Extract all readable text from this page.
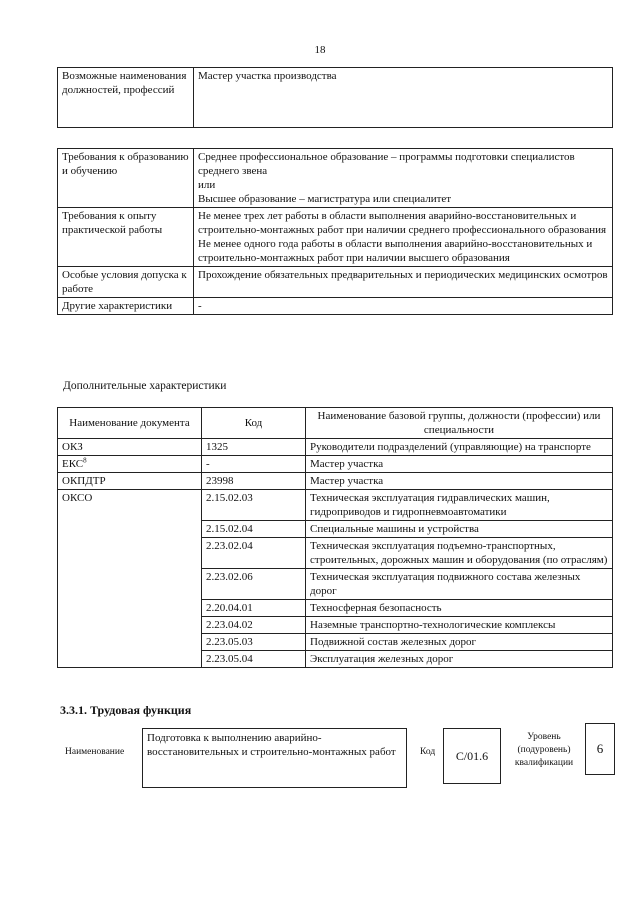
18
Возможные наименования должностей, профессий	Мастер участка производства
Требования к образованию и обучению	Среднее профессиональное образование – программы подготовки специалистов среднего звена
или
Высшее образование – магистратура или специалитет

Требования к опыту практической работы	Не менее трех лет работы в области выполнения аварийно-восстановительных и строительно-монтажных работ при наличии среднего профессионального образования
Не менее одного года работы в области выполнения аварийно-восстановительных и строительно-монтажных работ при наличии высшего образования

Особые условия допуска к работе	Прохождение обязательных предварительных и периодических медицинских осмотров

Другие характеристики	-
Дополнительные характеристики
Наименование документа	Код	Наименование базовой группы, должности (профессии) или специальности
ОКЗ	1325	Руководители подразделений (управляющие) на транспорте
ЕКС$^8$	-	Мастер участка
ОКПДТР	23998	Мастер участка
ОКСО	2.15.02.03	Техническая эксплуатация гидравлических машин, гидроприводов и гидропневмоавтоматики
	2.15.02.04	Специальные машины и устройства
	2.23.02.04	Техническая эксплуатация подъемно-транспортных, строительных, дорожных машин и оборудования (по отраслям)
	2.23.02.06	Техническая эксплуатация подвижного состава железных дорог
	2.20.04.01	Техносферная безопасность
	2.23.04.02	Наземные транспортно-технологические комплексы
	2.23.05.03	Подвижной состав железных дорог
	2.23.05.04	Эксплуатация железных дорог
3.3.1. Трудовая функция
Наименование
Подготовка к выполнению аварийно-восстановительных и строительно-монтажных работ	Код	C/01.6
Уровень (подуровень) квалификации
6
